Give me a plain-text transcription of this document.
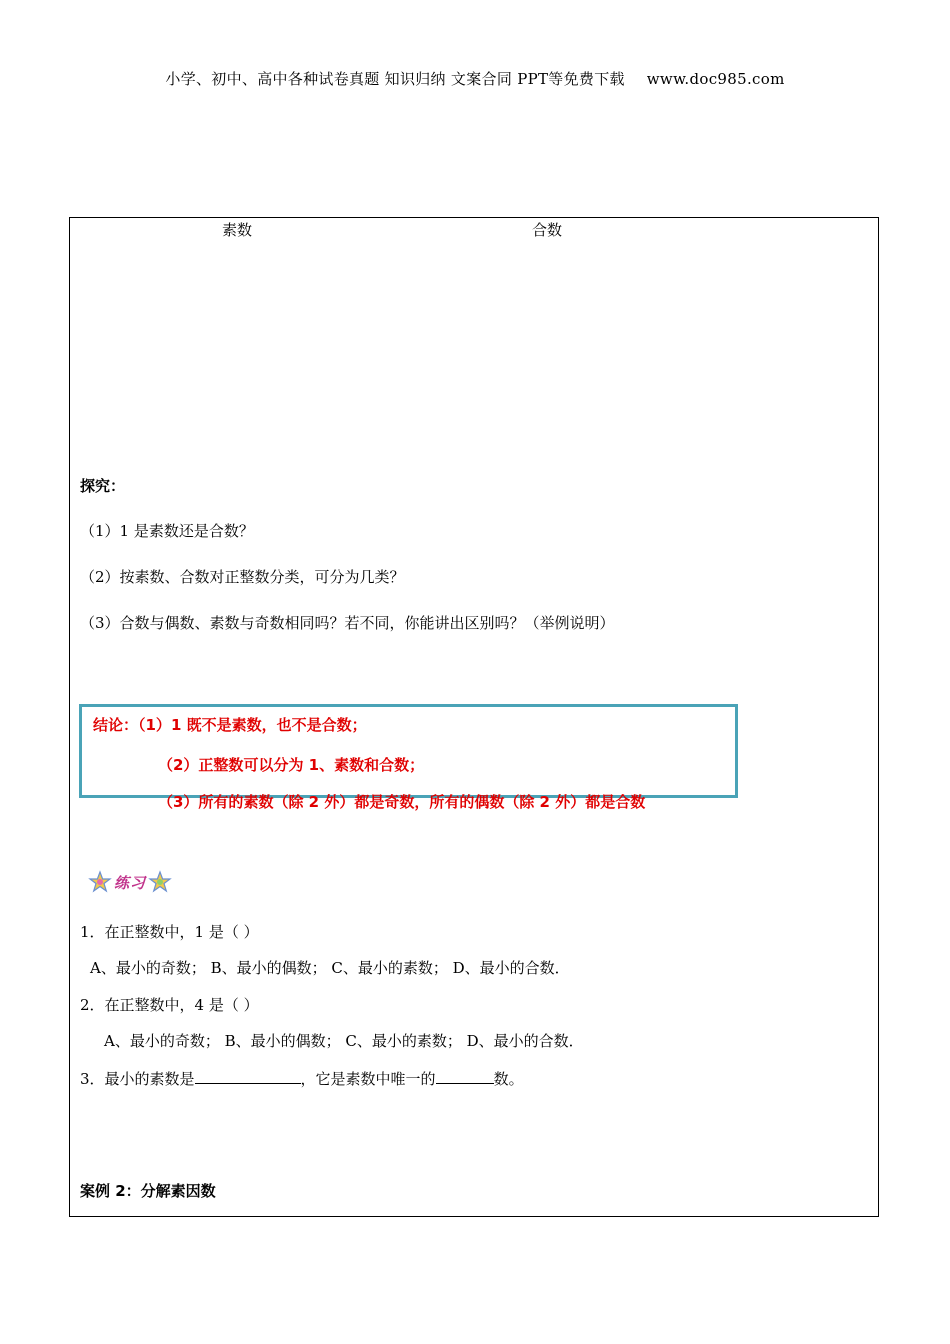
小学、初中、高中各种试卷真题 知识归纳 文案合同 PPT等免费下载 www.doc985.com
素数	合数
探究：
（1）1 是素数还是合数？
（2）按素数、合数对正整数分类，可分为几类？
（3）合数与偶数、素数与奇数相同吗？若不同，你能讲出区别吗？（举例说明）
结论：（1）1 既不是素数，也不是合数；
（2）正整数可以分为 1、素数和合数；
（3）所有的素数（除 2 外）都是奇数，所有的偶数（除 2 外）都是合数
练习
1．在正整数中，1 是（ ）
A、最小的奇数； B、最小的偶数； C、最小的素数； D、最小的合数．
2．在正整数中，4 是（ ）
A、最小的奇数； B、最小的偶数； C、最小的素数； D、最小的合数．
3．最小的素数是	，它是素数中唯一的	数。
案例 2：分解素因数
